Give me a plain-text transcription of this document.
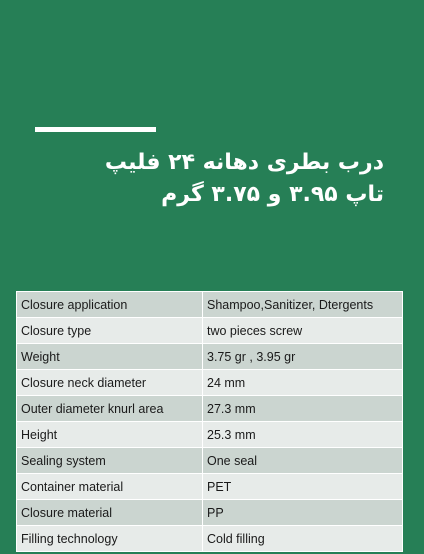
درب بطری دهانه ۲۴ فلیپ
تاپ ۳.۹۵ و ۳.۷۵ گرم
Closure application	Shampoo,Sanitizer, Dtergents
Closure type	two pieces screw
Weight	3.75 gr , 3.95 gr
Closure neck diameter	24 mm
Outer diameter knurl area	27.3 mm
Height	25.3 mm
Sealing system	One seal
Container material	PET
Closure material	PP
Filling technology	Cold filling
